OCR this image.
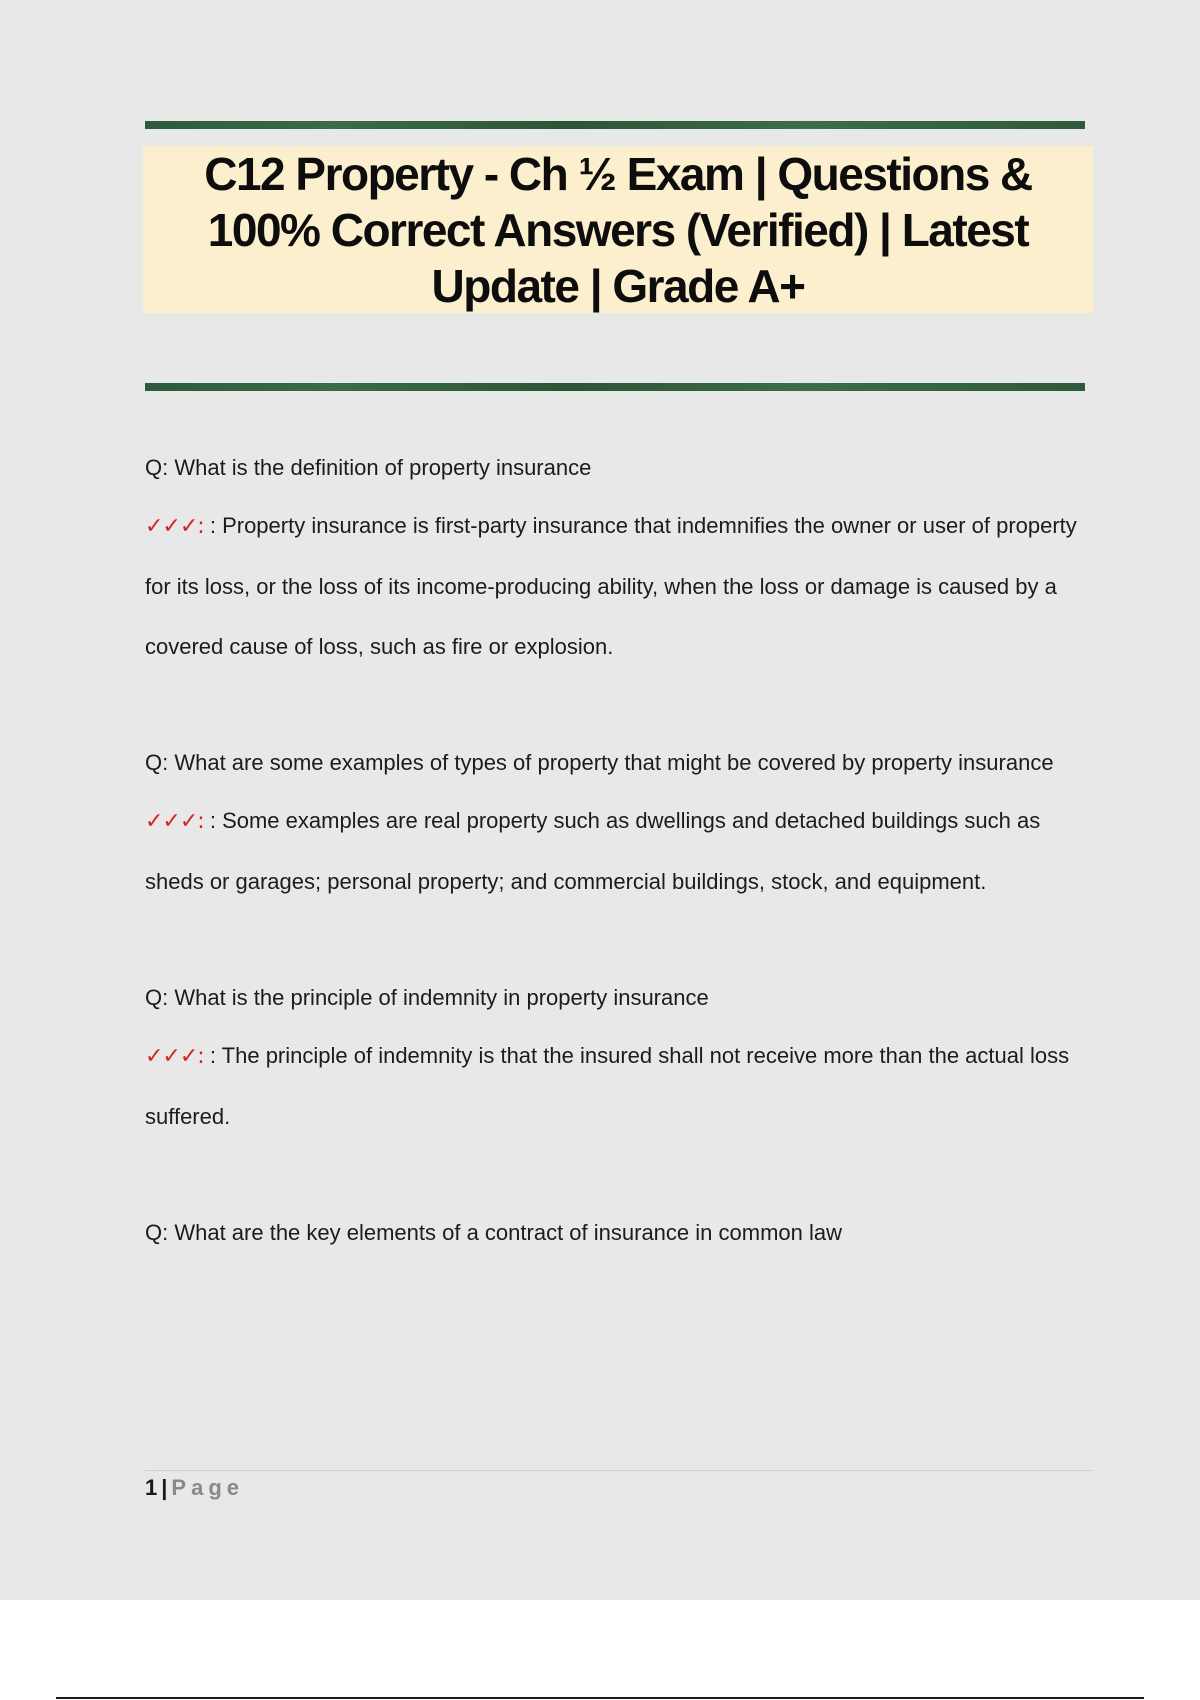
C12 Property - Ch ½ Exam | Questions & 100% Correct Answers (Verified) | Latest Update | Grade A+

Q: What is the definition of property insurance

✓✓✓: : Property insurance is first-party insurance that indemnifies the owner or user of property for its loss, or the loss of its income-producing ability, when the loss or damage is caused by a covered cause of loss, such as fire or explosion.

Q: What are some examples of types of property that might be covered by property insurance

✓✓✓: : Some examples are real property such as dwellings and detached buildings such as sheds or garages; personal property; and commercial buildings, stock, and equipment.

Q: What is the principle of indemnity in property insurance

✓✓✓: : The principle of indemnity is that the insured shall not receive more than the actual loss suffered.

Q: What are the key elements of a contract of insurance in common law

1 | Page
